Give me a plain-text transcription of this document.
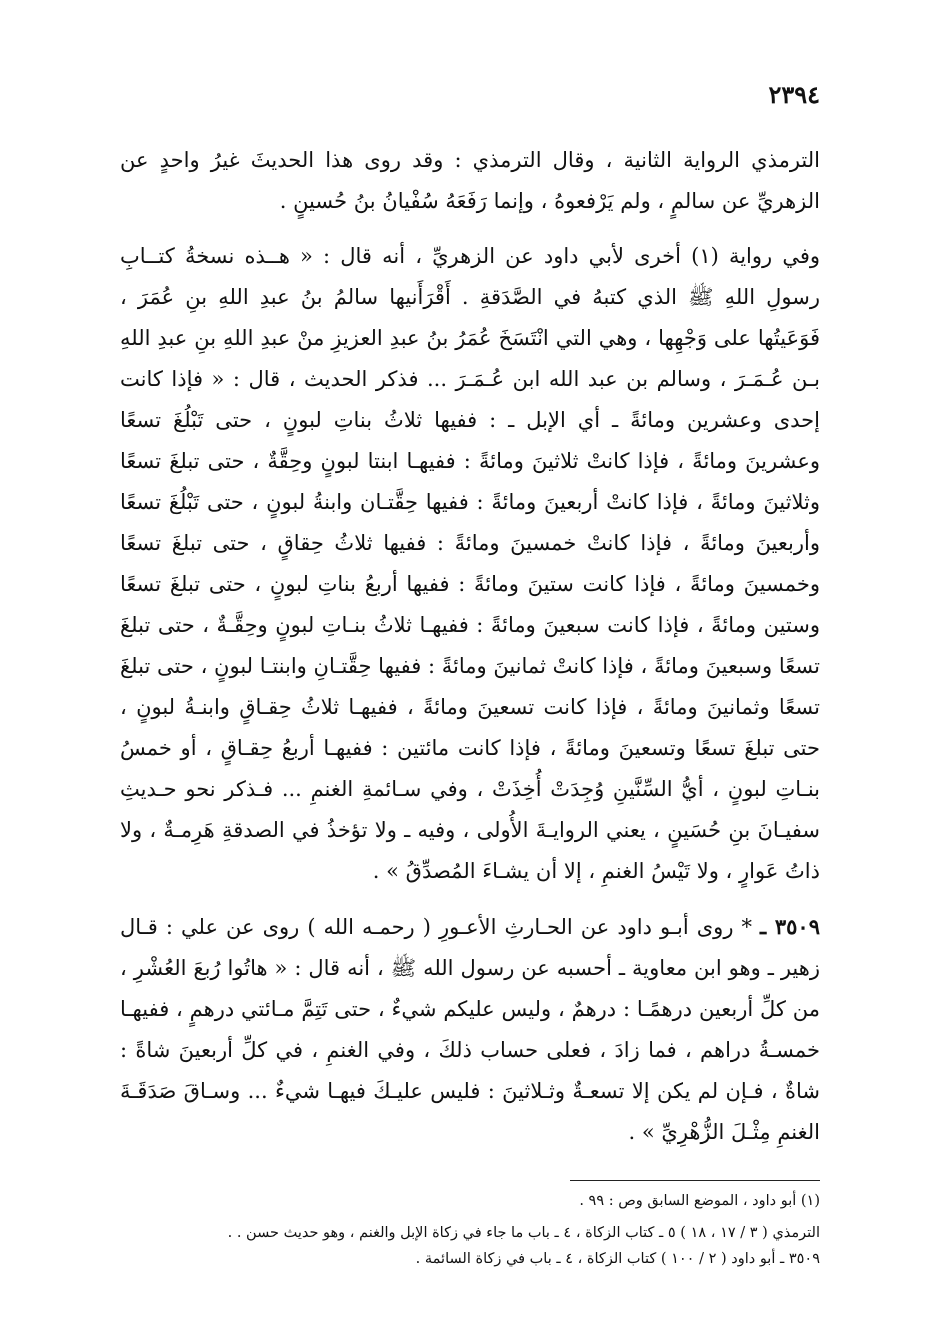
٢٣٩٤

الترمذي الرواية الثانية ، وقال الترمذي : وقد روى هذا الحديثَ غيرُ واحدٍ عن الزهريِّ عن سالمٍ ، ولم يَرْفعوهُ ، وإنما رَفَعَهُ سُفْيانُ بنُ حُسينٍ .

وفي رواية (١) أخرى لأبي داود عن الزهريِّ ، أنه قال : « هــذه نسخةُ كتــابِ رسولِ اللهِ ﷺ الذي كتبهُ في الصَّدَقةِ . أَقْرَأَنيها سالمُ بنُ عبدِ اللهِ بنِ عُمَرَ ، فَوَعَيتُها على وَجْهِها ، وهي التي انْتَسَخَ عُمَرُ بنُ عبدِ العزيزِ منْ عبدِ اللهِ بنِ عبدِ اللهِ بـن عُـمَـرَ ، وسالم بن عبد الله ابن عُـمَـرَ ... فذكر الحديث ، قال : « فإذا كانت إحدى وعشرين ومائةً ـ أي الإبل ـ : ففيها ثلاثُ بناتِ لبونٍ ، حتى تَبْلُغَ تسعًا وعشرينَ ومائةً ، فإذا كانتْ ثلاثينَ ومائةً : ففيهـا ابنتا لبونٍ وحِقَّةٌ ، حتى تبلغَ تسعًا وثلاثينَ ومائةً ، فإذا كانتْ أربعينَ ومائةً : ففيها حِقَّتـان وابنةُ لبونٍ ، حتى تَبْلُغَ تسعًا وأربعينَ ومائةً ، فإذا كانتْ خمسينَ ومائةً : ففيها ثلاثُ حِقاقٍ ، حتى تبلغَ تسعًا وخمسينَ ومائةً ، فإذا كانت ستينَ ومائةً : ففيها أربعُ بناتِ لبونٍ ، حتى تبلغَ تسعًا وستين ومائةً ، فإذا كانت سبعينَ ومائةً : ففيهـا ثلاثُ بنـاتِ لبونٍ وحِقَّـةٌ ، حتى تبلغَ تسعًا وسبعينَ ومائةً ، فإذا كانتْ ثمانينَ ومائةً : ففيها حِقَّتـانِ وابنتـا لبونٍ ، حتى تبلغَ تسعًا وثمانينَ ومائةً ، فإذا كانت تسعينَ ومائةً ، ففيهـا ثلاثُ حِقـاقٍ وابنـةُ لبونٍ ، حتى تبلغَ تسعًا وتسعينَ ومائةً ، فإذا كانت مائتين : ففيهـا أربعُ حِقـاقٍ ، أو خمسُ بنـاتِ لبونٍ ، أيُّ السِّنَّينِ وُجِدَتْ أُخِذَتْ ، وفي سـائمةِ الغنمِ ... فـذكر نحو حـديثِ سفيـانَ بنِ حُسَينٍ ، يعني الروايـةَ الأُولى ، وفيه ـ ولا تؤخذُ في الصدقةِ هَرِمـةٌ ، ولا ذاتُ عَوارٍ ، ولا تَيْسُ الغنمِ ، إلا أن يشـاءَ المُصدِّقُ » .

٣٥٠٩ ـ * روى أبـو داود عن الحـارثِ الأعـورِ ( رحمـه الله ) روى عن علي : قـال زهير ـ وهو ابن معاوية ـ أحسبه عن رسول الله ﷺ ، أنه قال : « هاتُوا رُبعَ العُشْرِ ، من كلِّ أربعين درهمًـا : درهمٌ ، وليس عليكم شيءٌ ، حتى تَتِمَّ مـائتي درهمٍ ، ففيهـا خمسـةُ دراهم ، فما زادَ ، فعلى حساب ذلكَ ، وفي الغنمِ ، في كلِّ أربعينَ شاةً : شاةٌ ، فـإن لم يكن إلا تسعـةٌ وثـلاثينَ : فليس عليـكَ فيهـا شيءٌ ... وسـاقَ صَدَقَـةَ الغنمِ مِثْـلَ الزُّهْرِيِّ » .

(١) أبو داود ، الموضع السابق وص : ٩٩ .

الترمذي ( ٣ / ١٧ ، ١٨ ) ٥ ـ كتاب الزكاة ، ٤ ـ باب ما جاء في زكاة الإبل والغنم ، وهو حديث حسن . .

٣٥٠٩ ـ أبو داود ( ٢ / ١٠٠ ) كتاب الزكاة ، ٤ ـ باب في زكاة السائمة .
